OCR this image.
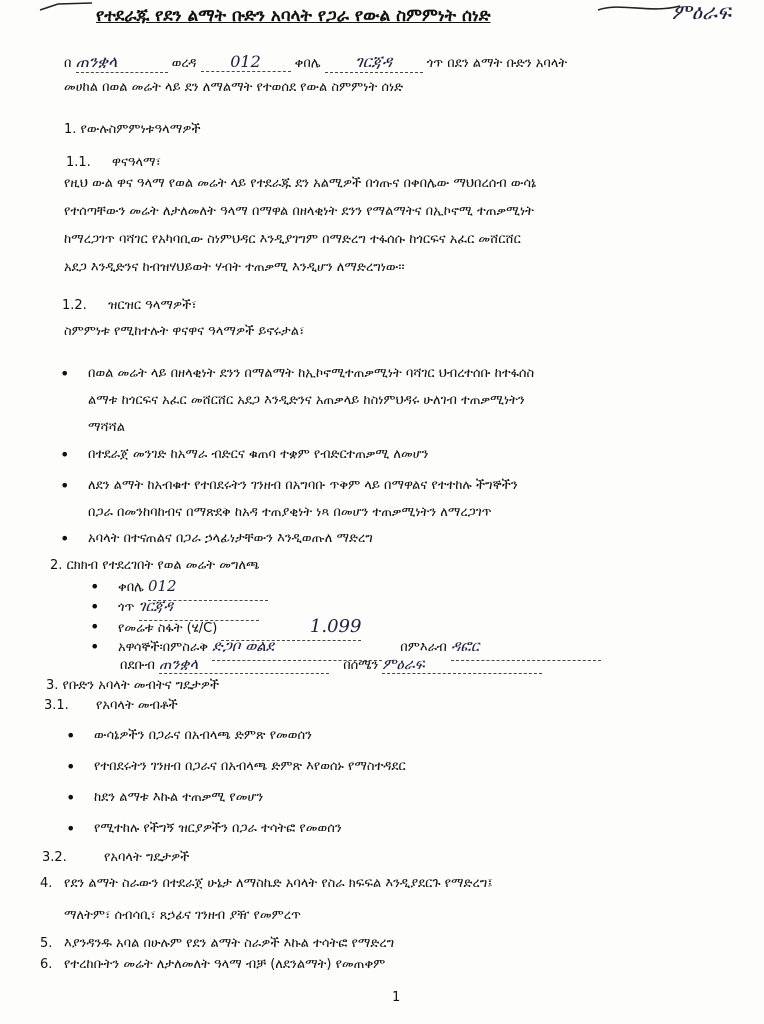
የተደራጁ የደን ልማት ቡድን አባላት የጋራ የውል ስምምነት ሰነድ	ምዕራፍ
በ ጠንቋላ	ወረዳ 012	ቀበሌ ገርጃዳ	ጎጥ በደን ልማት ቡድን አባላት
መሀከል በወል መሬት ላይ ደን ለማልማት የተወሰደ የውል ስምምነት ሰነድ
1. የውሉስምምነቱዓላማዎች
1.1. ዋናዓላማ፣
የዚህ ውል ዋና ዓላማ የወል መሬት ላይ የተደራጁ ደን አልሚዎች በጎጡና በቀበሌው ማህበረሰብ ውሳኔ
የተሰጣቸውን መሬት ለታለመለት ዓላማ በማዋል በዘላቂነት ደንን የማልማትና በኢኮኖሚ ተጠቃሚነት
ከማረጋገጥ ባሻገር የአካባቢው ስነምህዳር እንዲያገግም በማድረግ ተፋሰሱ ከጎርፍና አፈር መሸርሸር
አደጋ እንዲድንና ከብዝሃህይወት ሃብት ተጠቃሚ እንዲሆን ለማድረግነው፡፡
1.2. ዝርዝር ዓላማዎች፣
ስምምነቱ የሚከተሉት ዋናዋና ዓላማዎች ይኖሩታል፣
• በወል መሬት ላይ በዘላቂነት ደንን በማልማት ከኢኮኖሚተጠቃሚነት ባሻገር ህብረተሰቡ ከተፋሰስ
ልማቱ ከጎርፍና አፈር መሸርሸር አደጋ እንዲድንና አጠቃላይ ከስነምህዳሩ ሁለገብ ተጠቃሚነትን
ማሻሻል
• በተደራጀ መንገድ ከአማራ ብድርና ቁጠባ ተቋም የብድርተጠቃሚ ለመሆን
• ለደን ልማት ከአብቁተ የተበደሩትን ገንዘብ በአግባቡ ጥቅም ላይ በማዋልና የተተከሉ ችግኞችን
በጋራ በመንከባከብና በማጽደቅ ከአዳ ተጠያቂነት ነጻ በመሆን ተጠቃሚነትን ለማረጋገጥ
• አባላት በተናጠልና በጋራ ኃላፊነታቸውን እንዲወጡለ ማድረግ
2. ርክክብ የተደረገበት የወል መሬት መግለጫ
• ቀበሌ 012
• ጎጥ ገርጃዳ
• የመሬቱ ስፋት (ሄ/C)	1.099
• አዋሳኞች፡በምስራቅ ድጋቦ ወልደ	በምእራብ ዳፎር
በደቡብ ጠንቋላ	በሰሜን ምዕራፍ
3. የቡድን አባላት መብትና ግዴታዎች
3.1. የአባላት መብቶች
• ውሳኔዎችን በጋራና በአብላጫ ድምጽ የመወሰን
• የተበደሩትን ገንዘብ በጋራና በአብላጫ ድምጽ እየወሰኑ የማስተዳደር
• ከደን ልማቱ እኩል ተጠቃሚ የመሆን
• የሚተከሉ የችግኝ ዝርያዎችን በጋራ ተሳትፎ የመወሰን
3.2.	የአባላት ግዴታዎች
4. የደን ልማት ስራውን በተደራጀ ሁኔታ ለማስኬድ አባላት የስራ ክፍፍል እንዲያደርጉ የማድረግ፤
ማለትም፣ ሰብሳቢ፣ ጸኃፊና ገንዘብ ያዥ የመምረጥ
5. እያንዳንዱ አባል በሁሉም የደን ልማት ስራዎች እኩል ተሳትፎ የማድረግ
6. የተረከቡትን መሬት ለታለመለት ዓላማ ብቻ (ለደንልማት) የመጠቀም
1
